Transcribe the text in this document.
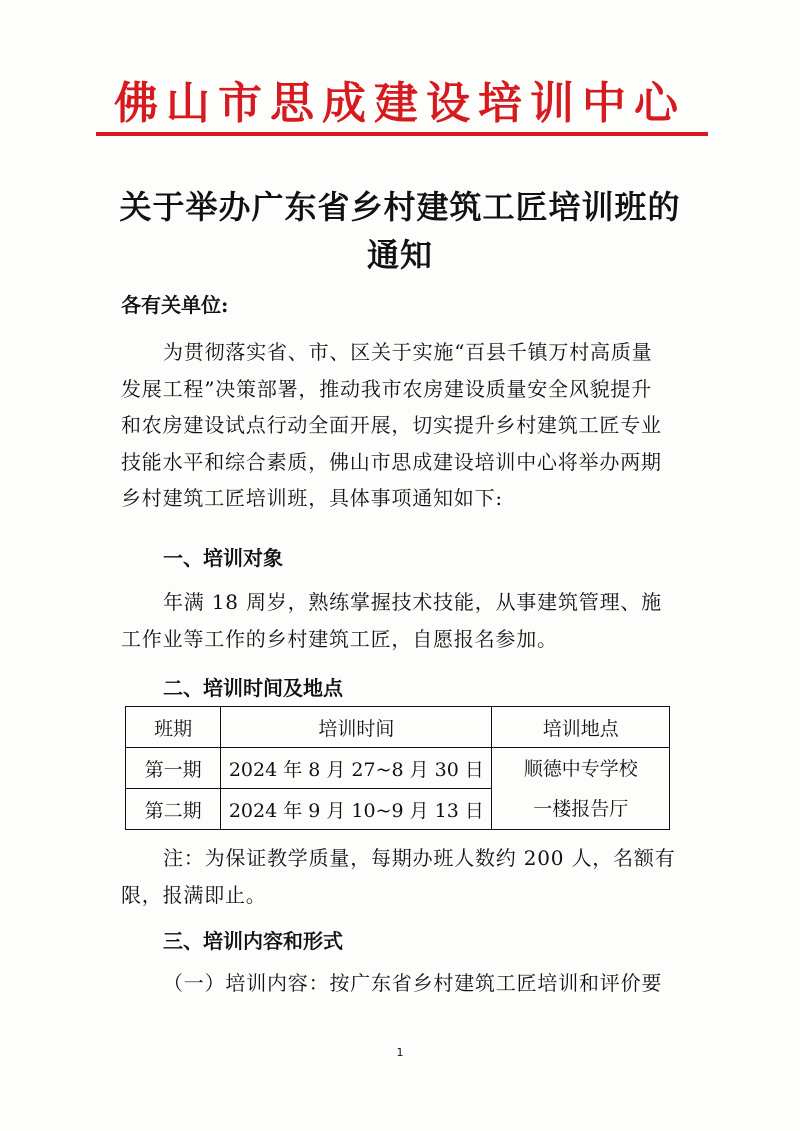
佛山市思成建设培训中心
关于举办广东省乡村建筑工匠培训班的
通知
各有关单位:
为贯彻落实省、市、区关于实施“百县千镇万村高质量
发展工程”决策部署，推动我市农房建设质量安全风貌提升
和农房建设试点行动全面开展，切实提升乡村建筑工匠专业
技能水平和综合素质，佛山市思成建设培训中心将举办两期
乡村建筑工匠培训班，具体事项通知如下:
一、培训对象
年满 18 周岁，熟练掌握技术技能，从事建筑管理、施
工作业等工作的乡村建筑工匠，自愿报名参加。
二、培训时间及地点
班期	培训时间	培训地点
第一期	2024 年 8 月 27~8 月 30 日	顺德中专学校
一楼报告厅

第二期	2024 年 9 月 10~9 月 13 日	
注：为保证教学质量，每期办班人数约 200 人，名额有
限，报满即止。
三、培训内容和形式
（一）培训内容：按广东省乡村建筑工匠培训和评价要
1
